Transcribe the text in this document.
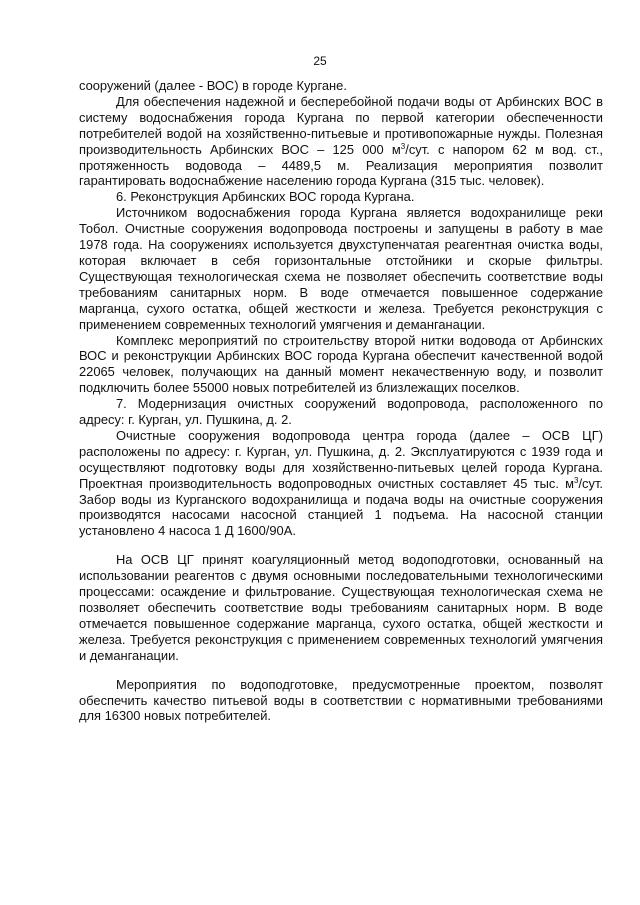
25

сооружений (далее - ВОС) в городе Кургане.

Для обеспечения надежной и бесперебойной подачи воды от Арбинских ВОС в систему водоснабжения города Кургана по первой категории обеспеченности потребителей водой на хозяйственно-питьевые и противопожарные нужды. Полезная производительность Арбинских ВОС – 125 000 $м^3$/сут. с напором 62 м вод. ст., протяженность водовода – 4489,5 м. Реализация мероприятия позволит гарантировать водоснабжение населению города Кургана (315 тыс. человек).

6. Реконструкция Арбинских ВОС города Кургана.

Источником водоснабжения города Кургана является водохранилище реки Тобол. Очистные сооружения водопровода построены и запущены в работу в мае 1978 года. На сооружениях используется двухступенчатая реагентная очистка воды, которая включает в себя горизонтальные отстойники и скорые фильтры. Существующая технологическая схема не позволяет обеспечить соответствие воды требованиям санитарных норм. В воде отмечается повышенное содержание марганца, сухого остатка, общей жесткости и железа. Требуется реконструкция с применением современных технологий умягчения и деманганации.

Комплекс мероприятий по строительству второй нитки водовода от Арбинских ВОС и реконструкции Арбинских ВОС города Кургана обеспечит качественной водой 22065 человек, получающих на данный момент некачественную воду, и позволит подключить более 55000 новых потребителей из близлежащих поселков.

7. Модернизация очистных сооружений водопровода, расположенного по адресу: г. Курган, ул. Пушкина, д. 2.

Очистные сооружения водопровода центра города (далее – ОСВ ЦГ) расположены по адресу: г. Курган, ул. Пушкина, д. 2. Эксплуатируются с 1939 года и осуществляют подготовку воды для хозяйственно-питьевых целей города Кургана. Проектная производительность водопроводных очистных составляет 45 тыс. $м^3$/сут. Забор воды из Курганского водохранилища и подача воды на очистные сооружения производятся насосами насосной станцией 1 подъема. На насосной станции установлено 4 насоса 1 Д 1600/90А.

На ОСВ ЦГ принят коагуляционный метод водоподготовки, основанный на использовании реагентов с двумя основными последовательными технологическими процессами: осаждение и фильтрование. Существующая технологическая схема не позволяет обеспечить соответствие воды требованиям санитарных норм. В воде отмечается повышенное содержание марганца, сухого остатка, общей жесткости и железа. Требуется реконструкция с применением современных технологий умягчения и деманганации.

Мероприятия по водоподготовке, предусмотренные проектом, позволят обеспечить качество питьевой воды в соответствии с нормативными требованиями для 16300 новых потребителей.
